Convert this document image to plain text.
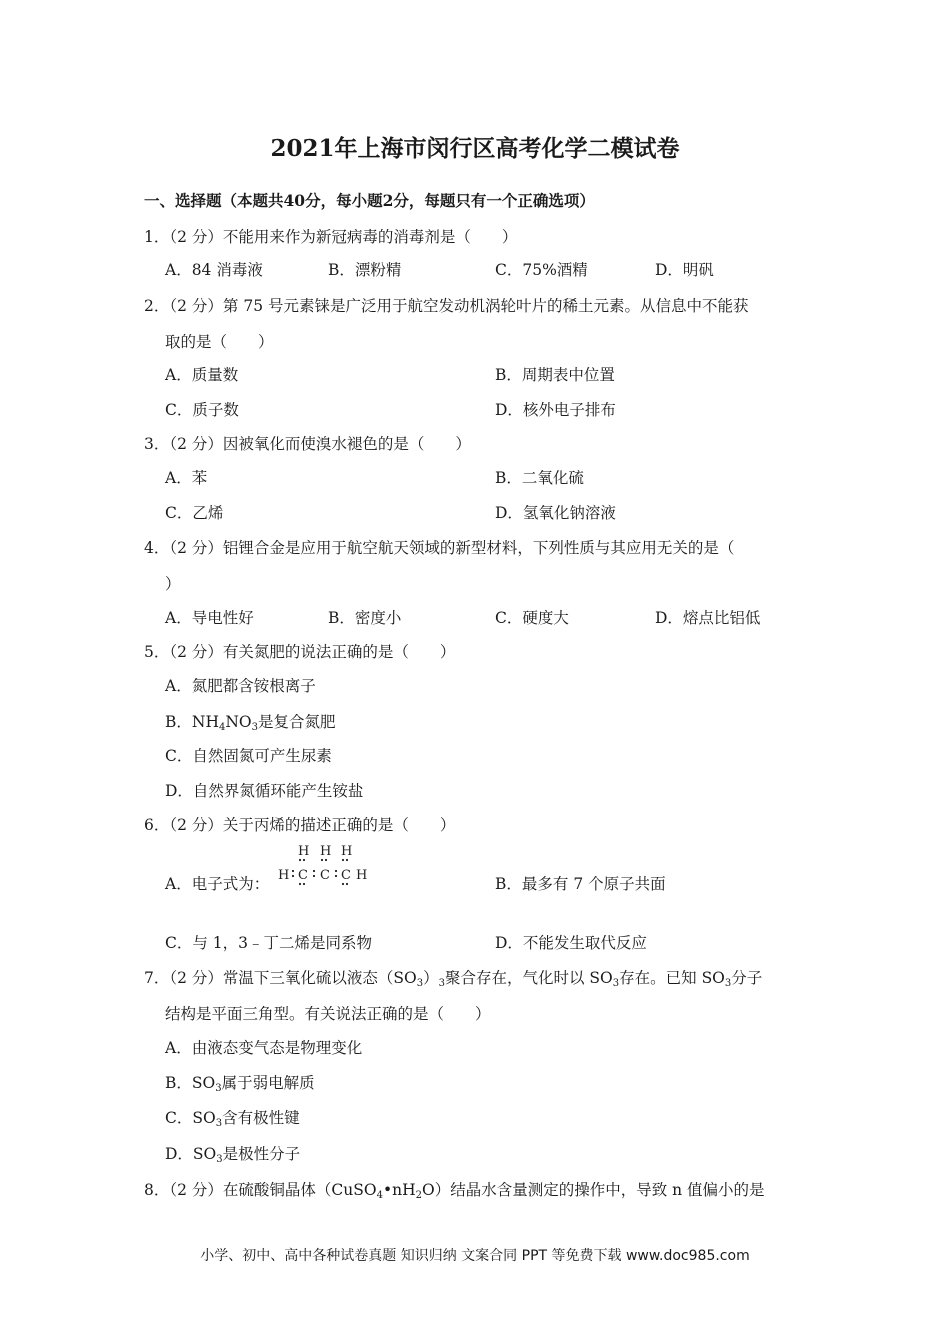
2021年上海市闵行区高考化学二模试卷
一、选择题（本题共40分，每小题2分，每题只有一个正确选项）
1．（2 分）不能用来作为新冠病毒的消毒剂是（　　）
A．84 消毒液	B．漂粉精	C．75%酒精	D．明矾
2．（2 分）第 75 号元素铼是广泛用于航空发动机涡轮叶片的稀土元素。从信息中不能获
取的是（　　）
A．质量数	B．周期表中位置
C．质子数	D．核外电子排布
3．（2 分）因被氧化而使溴水褪色的是（　　）
A．苯	B．二氧化硫
C．乙烯	D．氢氧化钠溶液
4．（2 分）铝锂合金是应用于航空航天领域的新型材料，下列性质与其应用无关的是（
）
A．导电性好	B．密度小	C．硬度大	D．熔点比铝低
5．（2 分）有关氮肥的说法正确的是（　　）
A．氮肥都含铵根离子
B．$NH_4NO_3$是复合氮肥
C．自然固氮可产生尿素
D．自然界氮循环能产生铵盐
6．（2 分）关于丙烯的描述正确的是（　　）
A．电子式为：
H H H
H C C C H	B．最多有 7 个原子共面
C．与 1，3﹣丁二烯是同系物	D．不能发生取代反应
7．（2 分）常温下三氧化硫以液态$(SO_3)_3$聚合存在，气化时以 $SO_3$存在。已知 $SO_3$分子
结构是平面三角型。有关说法正确的是（　　）
A．由液态变气态是物理变化
B．$SO_3$属于弱电解质
C．$SO_3$含有极性键
D．$SO_3$是极性分子
8．（2 分）在硫酸铜晶体$(CuSO_4•nH_2O)$结晶水含量测定的操作中，导致 n 值偏小的是
小学、初中、高中各种试卷真题 知识归纳 文案合同 PPT 等免费下载 www.doc985.com
